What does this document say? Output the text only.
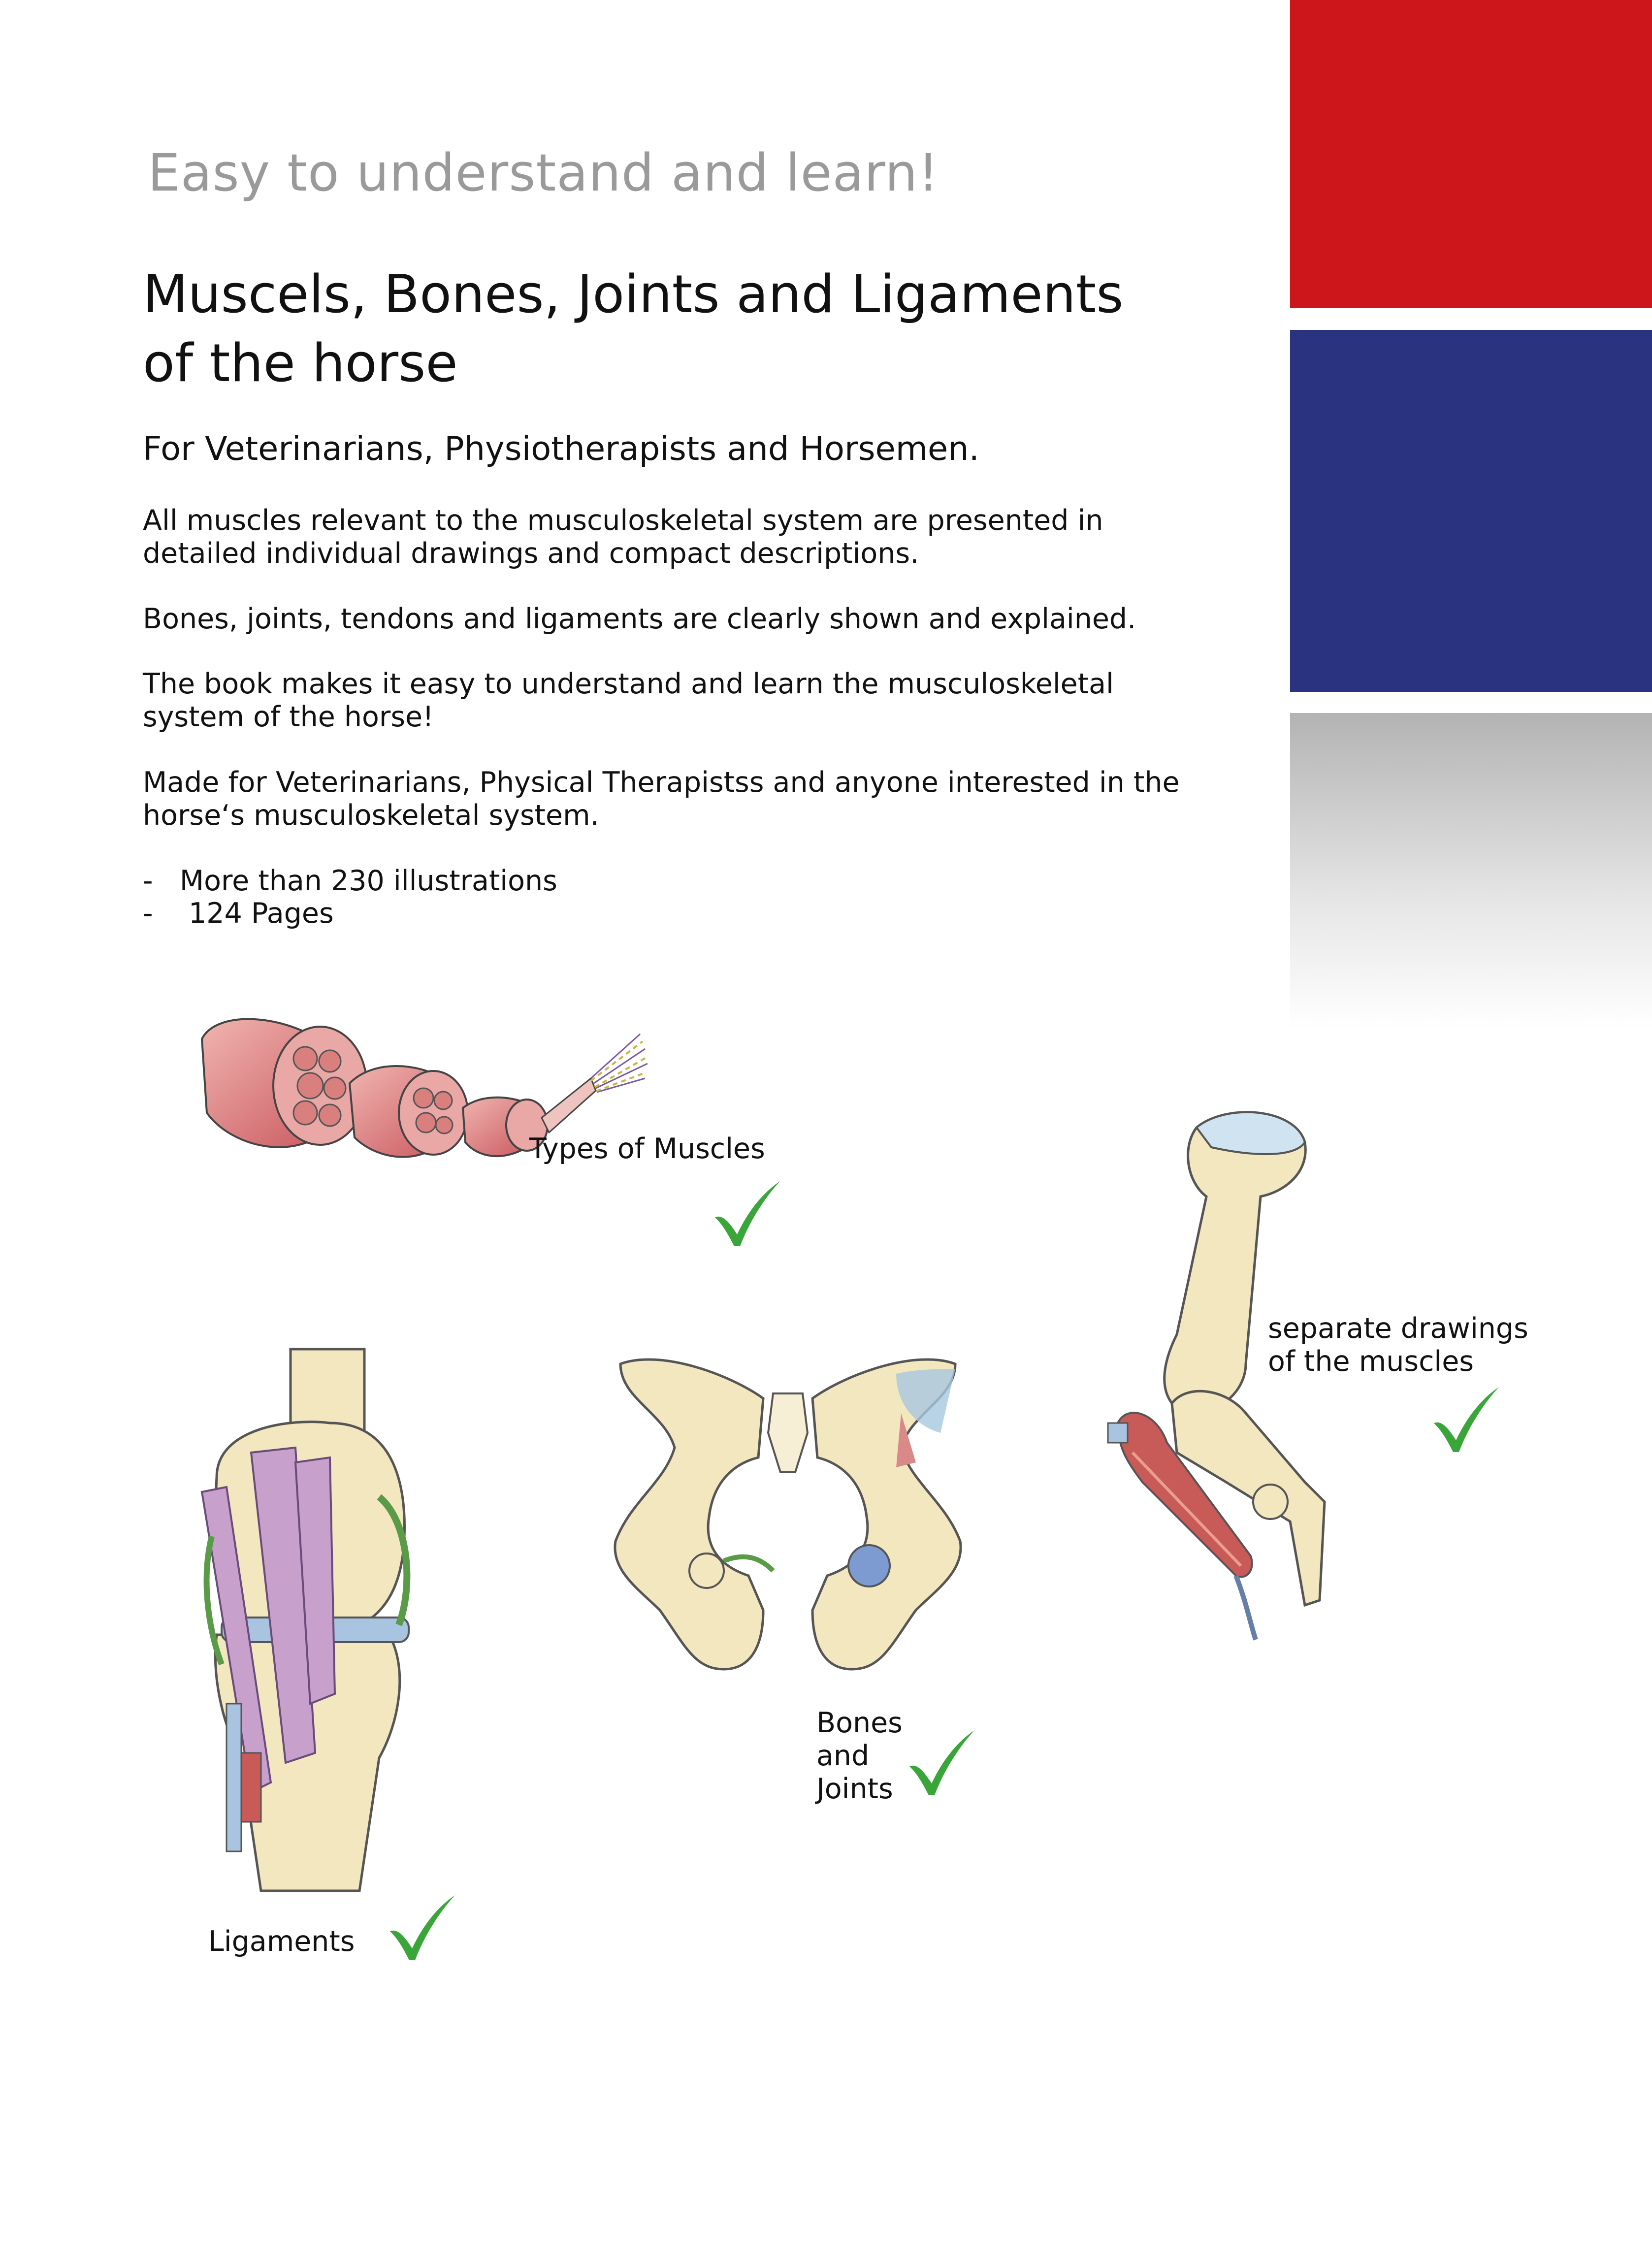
Easy to understand and learn!
Muscels, Bones, Joints and Ligaments
of the horse
For Veterinarians, Physiotherapists and Horsemen.
All muscles relevant to the musculoskeletal system are presented in
detailed individual drawings and compact descriptions.
Bones, joints, tendons and ligaments are clearly shown and explained.
The book makes it easy to understand and learn the musculoskeletal
system of the horse!
Made for Veterinarians, Physical Therapistss and anyone interested in the
horse‘s musculoskeletal system.
-   More than 230 illustrations
-    124 Pages
Types of Muscles
separate drawings
of the muscles
Bones
and
Joints
Ligaments
